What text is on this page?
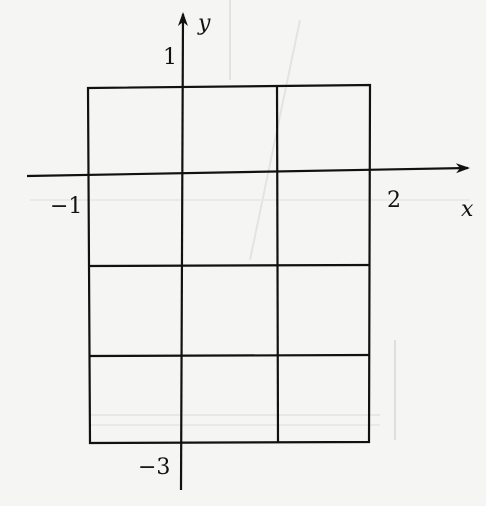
y
x
1
−1	2
−3
